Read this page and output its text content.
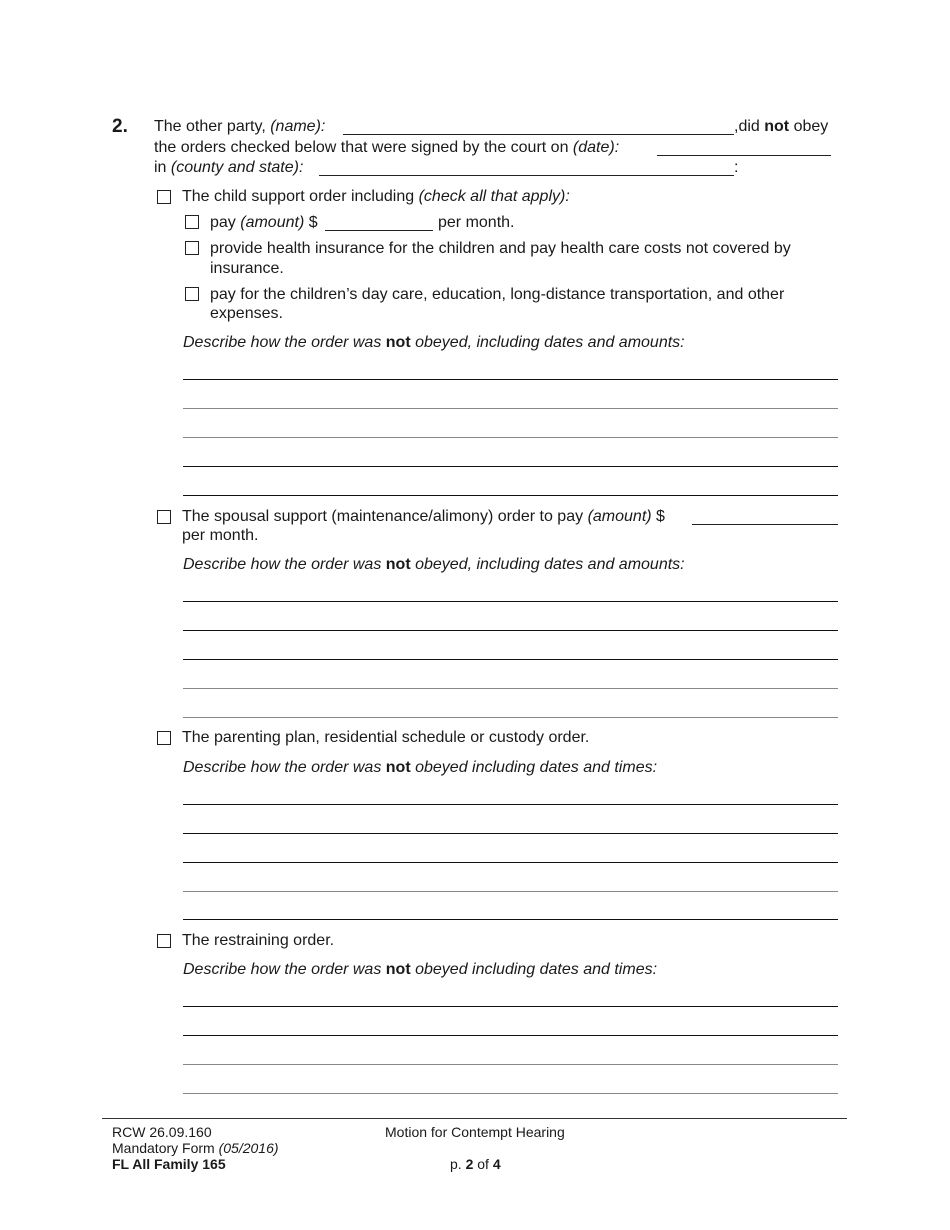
2. The other party, (name):	,did not obey
the orders checked below that were signed by the court on (date):
in (county and state):	:
The child support order including (check all that apply):
pay (amount) $	per month.
provide health insurance for the children and pay health care costs not covered by
insurance.
pay for the children’s day care, education, long-distance transportation, and other
expenses.
Describe how the order was not obeyed, including dates and amounts:
The spousal support (maintenance/alimony) order to pay (amount) $
per month.
Describe how the order was not obeyed, including dates and amounts:
The parenting plan, residential schedule or custody order.
Describe how the order was not obeyed including dates and times:
The restraining order.
Describe how the order was not obeyed including dates and times:
RCW 26.09.160
Mandatory Form (05/2016)
FL All Family 165
Motion for Contempt Hearing
p. 2 of 4
